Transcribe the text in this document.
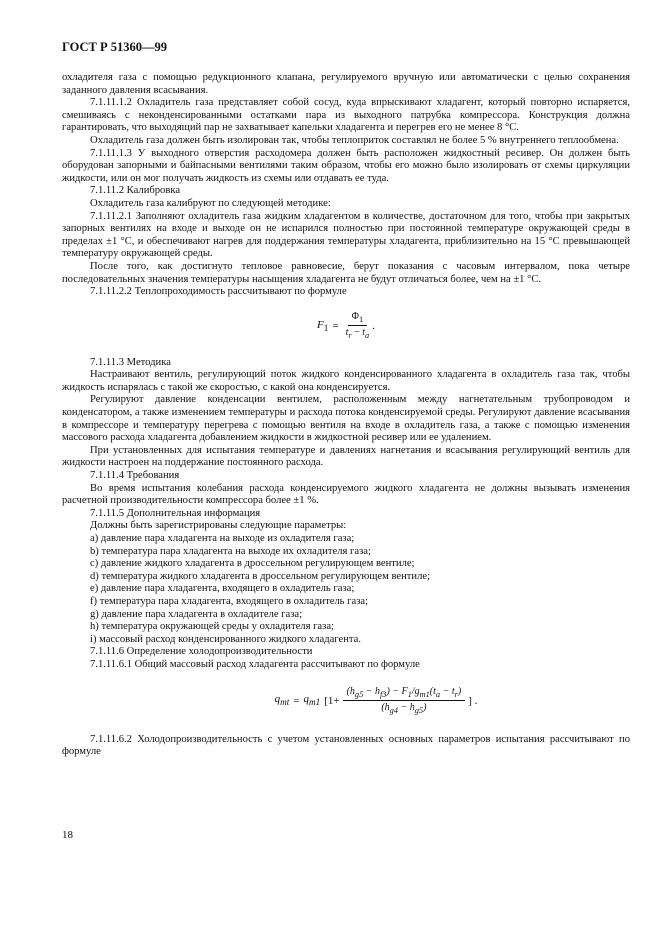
ГОСТ Р 51360—99

охладителя газа с помощью редукционного клапана, регулируемого вручную или автоматически с целью сохранения заданного давления всасывания.

7.1.11.1.2 Охладитель газа представляет собой сосуд, куда впрыскивают хладагент, который повторно испаряется, смешиваясь с неконденсированными остатками пара из выходного патрубка компрессора. Конструкция должна гарантировать, что выходящий пар не захватывает капельки хладагента и перегрев его не менее 8 °С.

Охладитель газа должен быть изолирован так, чтобы теплоприток составлял не более 5 % внутреннего теплообмена.

7.1.11.1.3 У выходного отверстия расходомера должен быть расположен жидкостный ресивер. Он должен быть оборудован запорными и байпасными вентилями таким образом, чтобы его можно было изолировать от схемы циркуляции жидкости, или он мог получать жидкость из схемы или отдавать ее туда.

7.1.11.2 Калибровка

Охладитель газа калибруют по следующей методике:

7.1.11.2.1 Заполняют охладитель газа жидким хладагентом в количестве, достаточном для того, чтобы при закрытых запорных вентилях на входе и выходе он не испарился полностью при постоянной температуре окружающей среды в пределах ±1 °С, и обеспечивают нагрев для поддержания температуры хладагента, приблизительно на 15 °С превышающей температуру окружающей среды.

После того, как достигнуто тепловое равновесие, берут показания с часовым интервалом, пока четыре последовательных значения температуры насыщения хладагента не будут отличаться более, чем на ±1 °С.

7.1.11.2.2 Теплопроходимость рассчитывают по формуле

$F_1 = \frac{\Phi_1}{t_r - t_a}$ .

7.1.11.3 Методика

Настраивают вентиль, регулирующий поток жидкого конденсированного хладагента в охладитель газа так, чтобы жидкость испарялась с такой же скоростью, с какой она конденсируется.

Регулируют давление конденсации вентилем, расположенным между нагнетательным трубопроводом и конденсатором, а также изменением температуры и расхода потока конденсируемой среды. Регулируют давление всасывания в компрессоре и температуру перегрева с помощью вентиля на входе в охладитель газа, а также с помощью изменения массового расхода хладагента добавлением жидкости в жидкостной ресивер или ее удалением.

При установленных для испытания температуре и давлениях нагнетания и всасывания регулирующий вентиль для жидкости настроен на поддержание постоянного расхода.

7.1.11.4 Требования

Во время испытания колебания расхода конденсируемого жидкого хладагента не должны вызывать изменения расчетной производительности компрессора более ±1 %.

7.1.11.5 Дополнительная информация

Должны быть зарегистрированы следующие параметры:

a) давление пара хладагента на выходе из охладителя газа;

b) температура пара хладагента на выходе их охладителя газа;

c) давление жидкого хладагента в дроссельном регулирующем вентиле;

d) температура жидкого хладагента в дроссельном регулирующем вентиле;

e) давление пара хладагента, входящего в охладитель газа;

f) температура пара хладагента, входящего в охладитель газа;

g) давление пара хладагента в охладителе газа;

h) температура окружающей среды у охладителя газа;

i) массовый расход конденсированного жидкого хладагента.

7.1.11.6 Определение холодопроизводительности

7.1.11.6.1 Общий массовый расход хладагента рассчитывают по формуле

$q_{mt} = q_{m1}$ [$1+ \frac{(h_{g5} - h_{f3}) - F_1/g_{m1}(t_a - t_r)}{(h_{g4} - h_{g5})}$ ] .

7.1.11.6.2 Холодопроизводительность с учетом установленных основных параметров испытания рассчитывают по формуле

18
